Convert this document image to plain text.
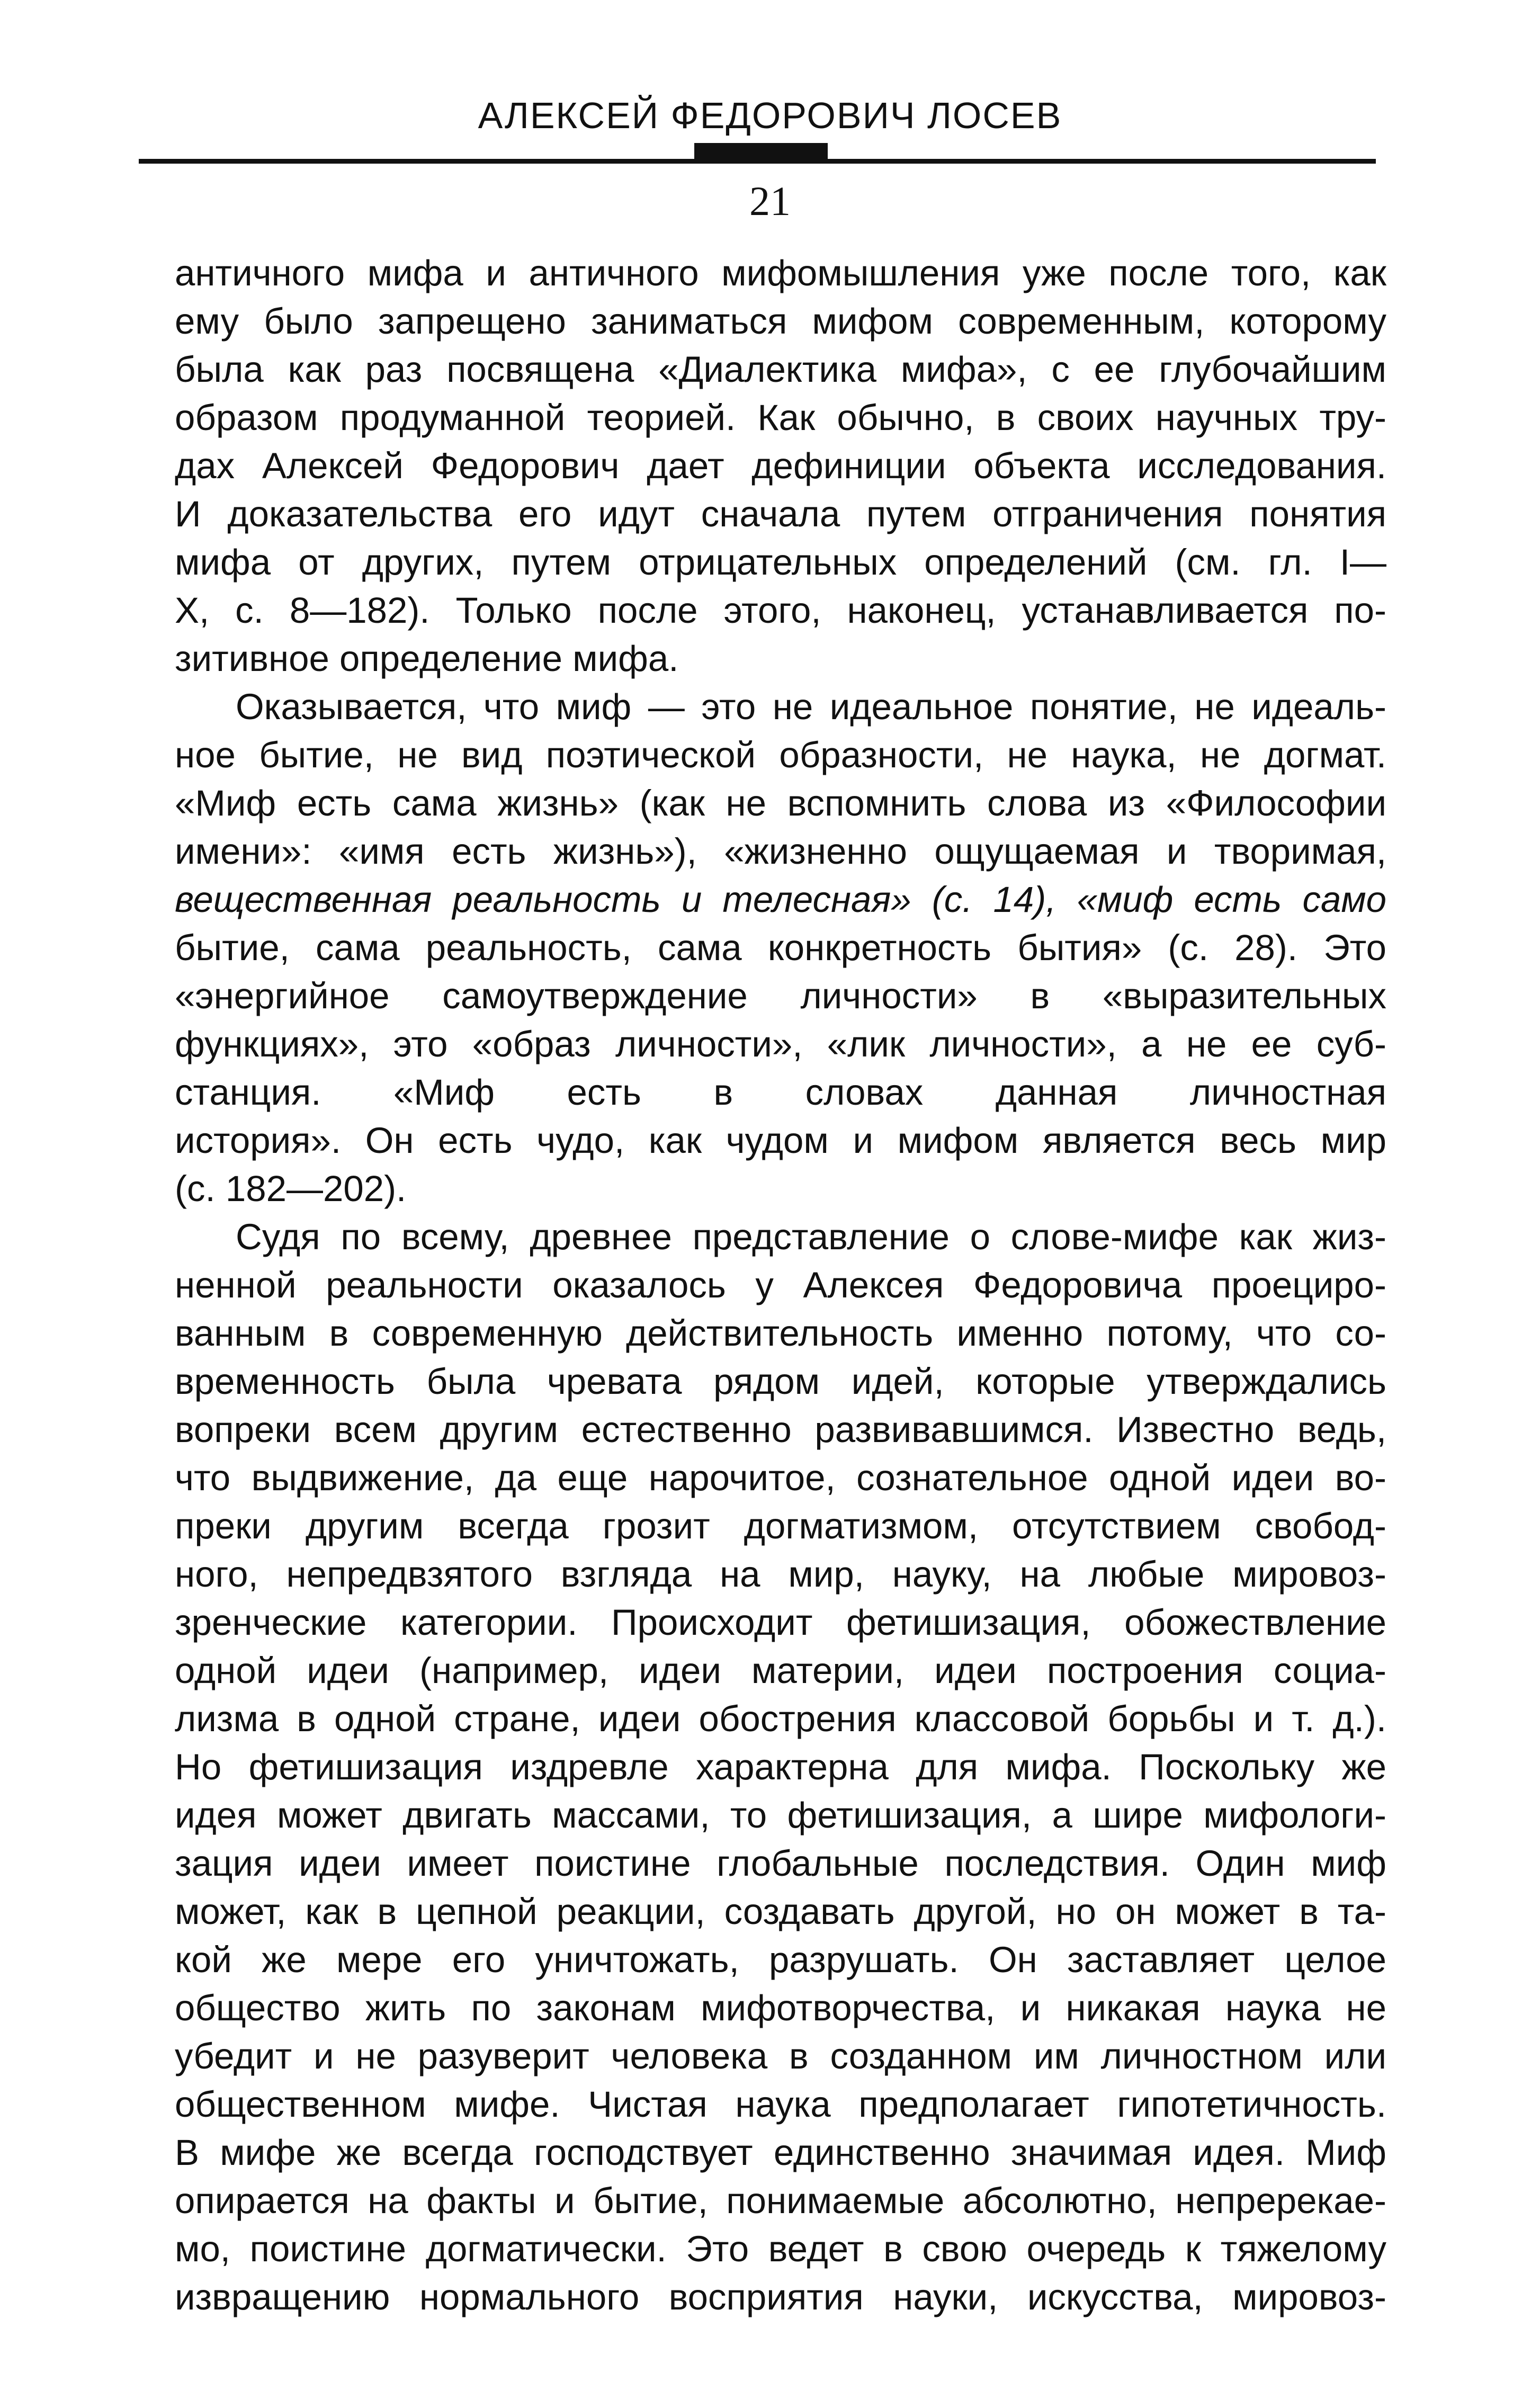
АЛЕКСЕЙ ФЕДОРОВИЧ ЛОСЕВ
21

античного мифа и античного мифомышления уже после того, как
ему было запрещено заниматься мифом современным, которому
была как раз посвящена «Диалектика мифа», с ее глубочайшим
образом продуманной теорией. Как обычно, в своих научных тру-
дах Алексей Федорович дает дефиниции объекта исследования.
И доказательства его идут сначала путем отграничения понятия
мифа от других, путем отрицательных определений (см. гл. I—
X, с. 8—182). Только после этого, наконец, устанавливается по-
зитивное определение мифа.

Оказывается, что миф — это не идеальное понятие, не идеаль-
ное бытие, не вид поэтической образности, не наука, не догмат.
«Миф есть сама жизнь» (как не вспомнить слова из «Философии
имени»: «имя есть жизнь»), «жизненно ощущаемая и творимая,
вещественная реальность и телесная» (с. 14), «миф есть само
бытие, сама реальность, сама конкретность бытия» (с. 28). Это
«энергийное самоутверждение личности» в «выразительных
функциях», это «образ личности», «лик личности», а не ее суб-
станция. «Миф есть в словах данная личностная
история». Он есть чудо, как чудом и мифом является весь мир
(с. 182—202).

Судя по всему, древнее представление о слове-мифе как жиз-
ненной реальности оказалось у Алексея Федоровича проециро-
ванным в современную действительность именно потому, что со-
временность была чревата рядом идей, которые утверждались
вопреки всем другим естественно развивавшимся. Известно ведь,
что выдвижение, да еще нарочитое, сознательное одной идеи во-
преки другим всегда грозит догматизмом, отсутствием свобод-
ного, непредвзятого взгляда на мир, науку, на любые мировоз-
зренческие категории. Происходит фетишизация, обожествление
одной идеи (например, идеи материи, идеи построения социа-
лизма в одной стране, идеи обострения классовой борьбы и т. д.).
Но фетишизация издревле характерна для мифа. Поскольку же
идея может двигать массами, то фетишизация, а шире мифологи-
зация идеи имеет поистине глобальные последствия. Один миф
может, как в цепной реакции, создавать другой, но он может в та-
кой же мере его уничтожать, разрушать. Он заставляет целое
общество жить по законам мифотворчества, и никакая наука не
убедит и не разуверит человека в созданном им личностном или
общественном мифе. Чистая наука предполагает гипотетичность.
В мифе же всегда господствует единственно значимая идея. Миф
опирается на факты и бытие, понимаемые абсолютно, непререкае-
мо, поистине догматически. Это ведет в свою очередь к тяжелому
извращению нормального восприятия науки, искусства, мировоз-
